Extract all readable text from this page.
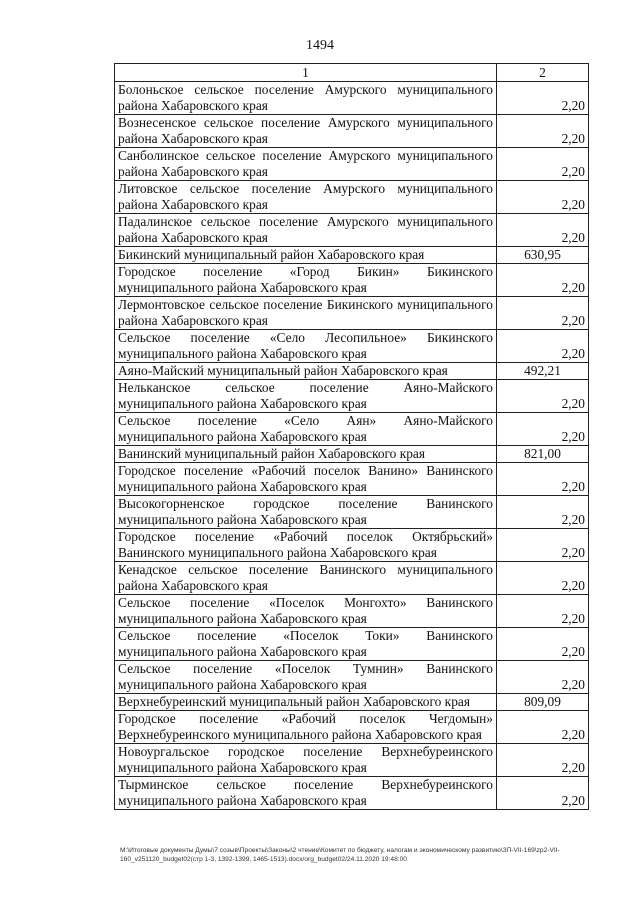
1494
1	2
Болоньское сельское поселение Амурского муниципального района Хабаровского края	2,20
Вознесенское сельское поселение Амурского муниципального района Хабаровского края	2,20
Санболинское сельское поселение Амурского муниципального района Хабаровского края	2,20
Литовское сельское поселение Амурского муниципального района Хабаровского края	2,20
Падалинское сельское поселение Амурского муниципального района Хабаровского края	2,20
Бикинский муниципальный район Хабаровского края	630,95
Городское поселение «Город Бикин» Бикинского муниципального района Хабаровского края	2,20
Лермонтовское сельское поселение Бикинского муниципального района Хабаровского края	2,20
Сельское поселение «Село Лесопильное» Бикинского муниципального района Хабаровского края	2,20
Аяно-Майский муниципальный район Хабаровского края	492,21
Нельканское сельское поселение Аяно-Майского муниципального района Хабаровского края	2,20
Сельское поселение «Село Аян» Аяно-Майского муниципального района Хабаровского края	2,20
Ванинский муниципальный район Хабаровского края	821,00
Городское поселение «Рабочий поселок Ванино» Ванинского муниципального района Хабаровского края	2,20
Высокогорненское городское поселение Ванинского муниципального района Хабаровского края	2,20
Городское поселение «Рабочий поселок Октябрьский» Ванинского муниципального района Хабаровского края	2,20
Кенадское сельское поселение Ванинского муниципального района Хабаровского края	2,20
Сельское поселение «Поселок Монгохто» Ванинского муниципального района Хабаровского края	2,20
Сельское поселение «Поселок Токи» Ванинского муниципального района Хабаровского края	2,20
Сельское поселение «Поселок Тумнин» Ванинского муниципального района Хабаровского края	2,20
Верхнебуреинский муниципальный район Хабаровского края	809,09
Городское поселение «Рабочий поселок Чегдомын» Верхнебуреинского муниципального района Хабаровского края	2,20
Новоургальское городское поселение Верхнебуреинского муниципального района Хабаровского края	2,20
Тырминское сельское поселение Верхнебуреинского муниципального района Хабаровского края	2,20
М:\Итоговые документы Думы\7 созыв\Проекты\Законы\2 чтение\Комитет по бюджету, налогам и экономическому развитию\ЗП-VII-169\zp2-VII-160_v251120_budget02(стр 1-3, 1392-1399, 1465-1513).docx/org_budget02/24.11.2020 19:48:00
